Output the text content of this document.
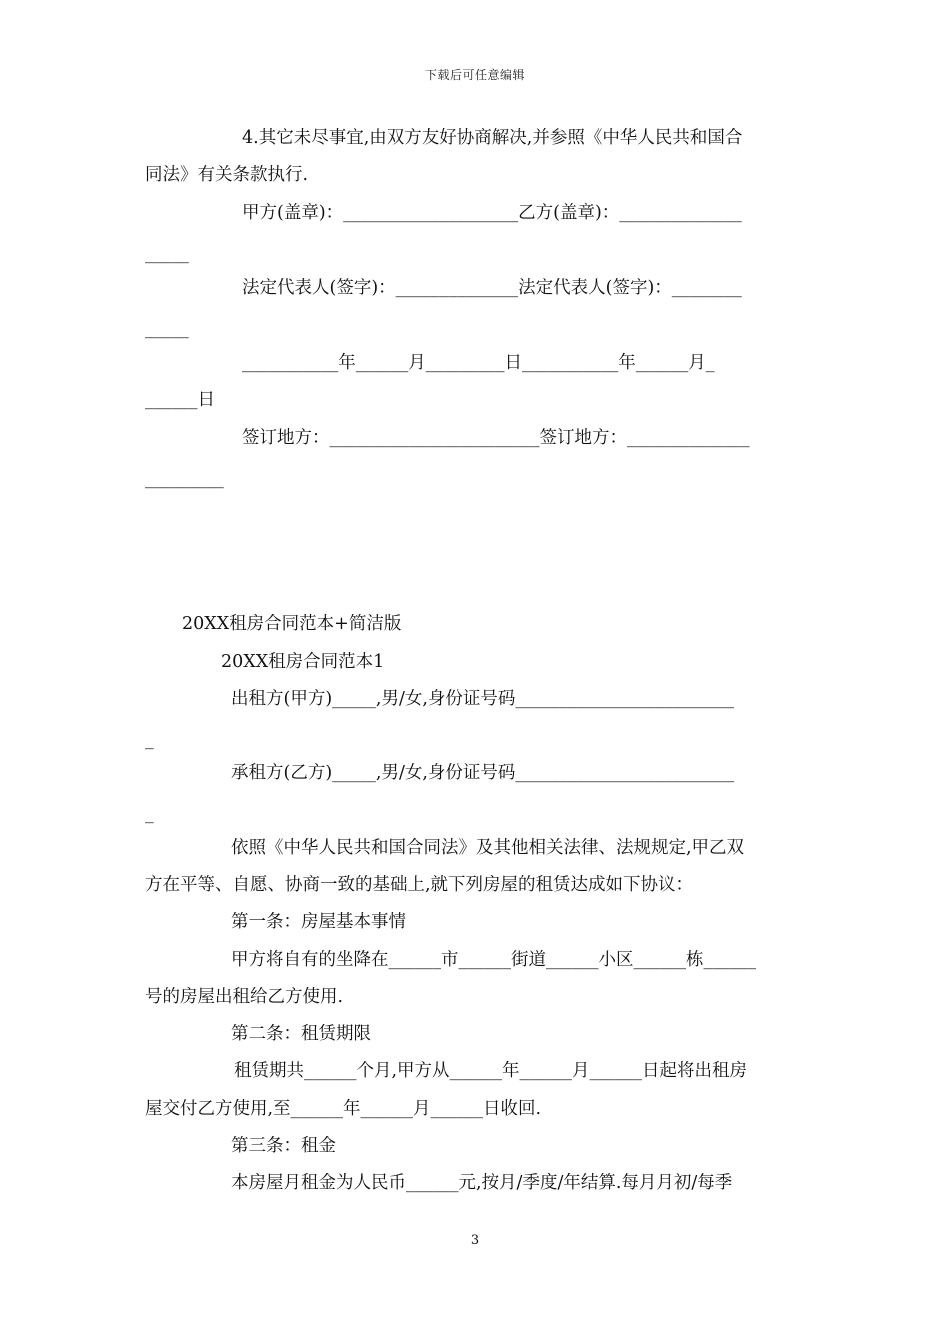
下载后可任意编辑
4.其它未尽事宜,由双方友好协商解决,并参照《中华人民共和国合
同法》有关条款执行.
甲方(盖章)：____________________乙方(盖章)：______________
_____
法定代表人(签字)：______________法定代表人(签字)：________
_____
___________年______月_________日___________年______月_
______日
签订地方：________________________签订地方：______________
_________
20XX租房合同范本+简洁版
20XX租房合同范本1
出租方(甲方)_____,男/女,身份证号码_________________________
_
承租方(乙方)_____,男/女,身份证号码_________________________
_
依照《中华人民共和国合同法》及其他相关法律、法规规定,甲乙双
方在平等、自愿、协商一致的基础上,就下列房屋的租赁达成如下协议：
第一条：房屋基本事情
甲方将自有的坐降在______市______街道______小区______栋______
号的房屋出租给乙方使用.
第二条：租赁期限
租赁期共______个月,甲方从______年______月______日起将出租房
屋交付乙方使用,至______年______月______日收回.
第三条：租金
本房屋月租金为人民币______元,按月/季度/年结算.每月月初/每季
3
